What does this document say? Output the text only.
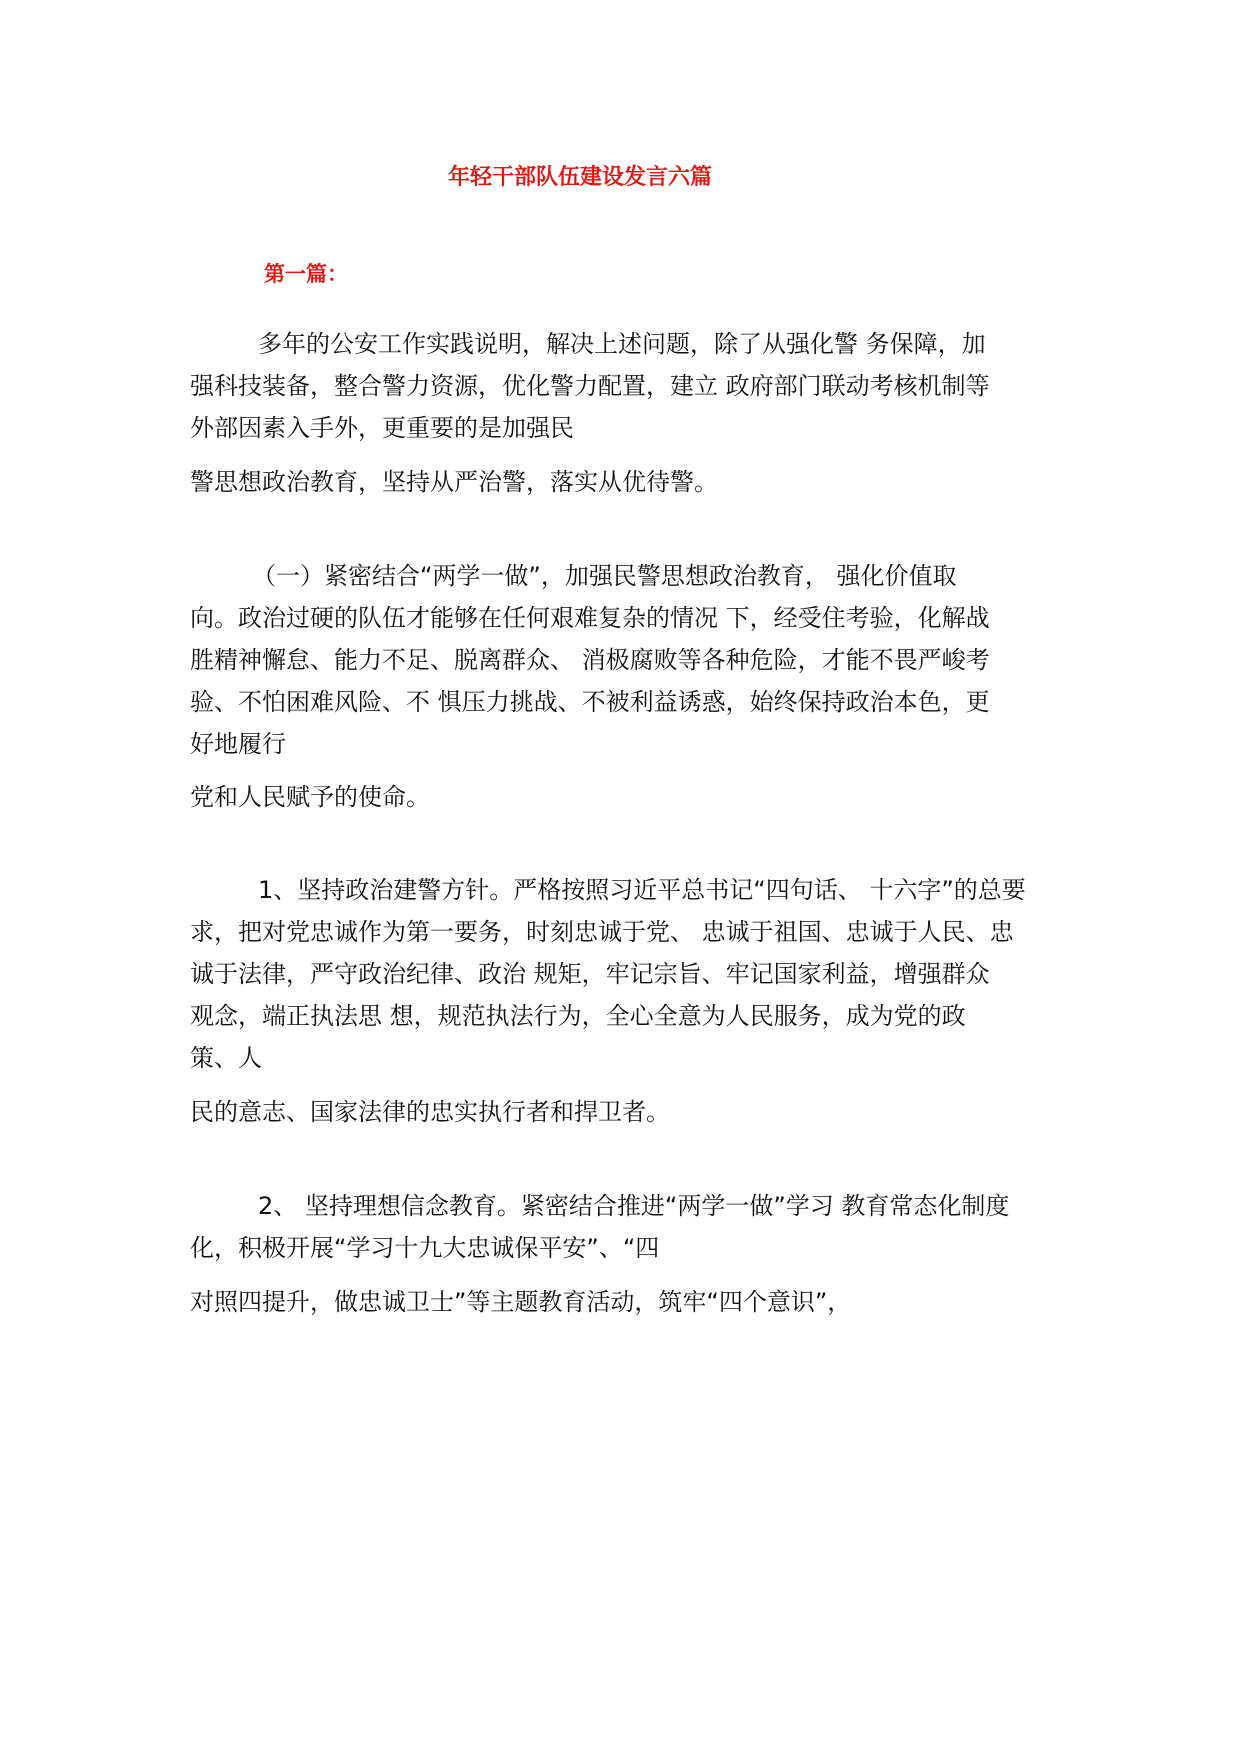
年轻干部队伍建设发言六篇
第一篇：
多年的公安工作实践说明，解决上述问题，除了从强化警 务保障，加
强科技装备，整合警力资源，优化警力配置，建立 政府部门联动考核机制等
外部因素入手外，更重要的是加强民
警思想政治教育，坚持从严治警，落实从优待警。
（一）紧密结合“两学一做”，加强民警思想政治教育， 强化价值取
向。政治过硬的队伍才能够在任何艰难复杂的情况 下，经受住考验，化解战
胜精神懈怠、能力不足、脱离群众、 消极腐败等各种危险，才能不畏严峻考
验、不怕困难风险、不 惧压力挑战、不被利益诱惑，始终保持政治本色，更
好地履行
党和人民赋予的使命。
1、坚持政治建警方针。严格按照习近平总书记“四句话、 十六字”的总要
求，把对党忠诚作为第一要务，时刻忠诚于党、 忠诚于祖国、忠诚于人民、忠
诚于法律，严守政治纪律、政治 规矩，牢记宗旨、牢记国家利益，增强群众
观念，端正执法思 想，规范执法行为，全心全意为人民服务，成为党的政
策、人
民的意志、国家法律的忠实执行者和捍卫者。
2、 坚持理想信念教育。紧密结合推进“两学一做”学习 教育常态化制度
化，积极开展“学习十九大忠诚保平安”、“四
对照四提升，做忠诚卫士”等主题教育活动，筑牢“四个意识”，
